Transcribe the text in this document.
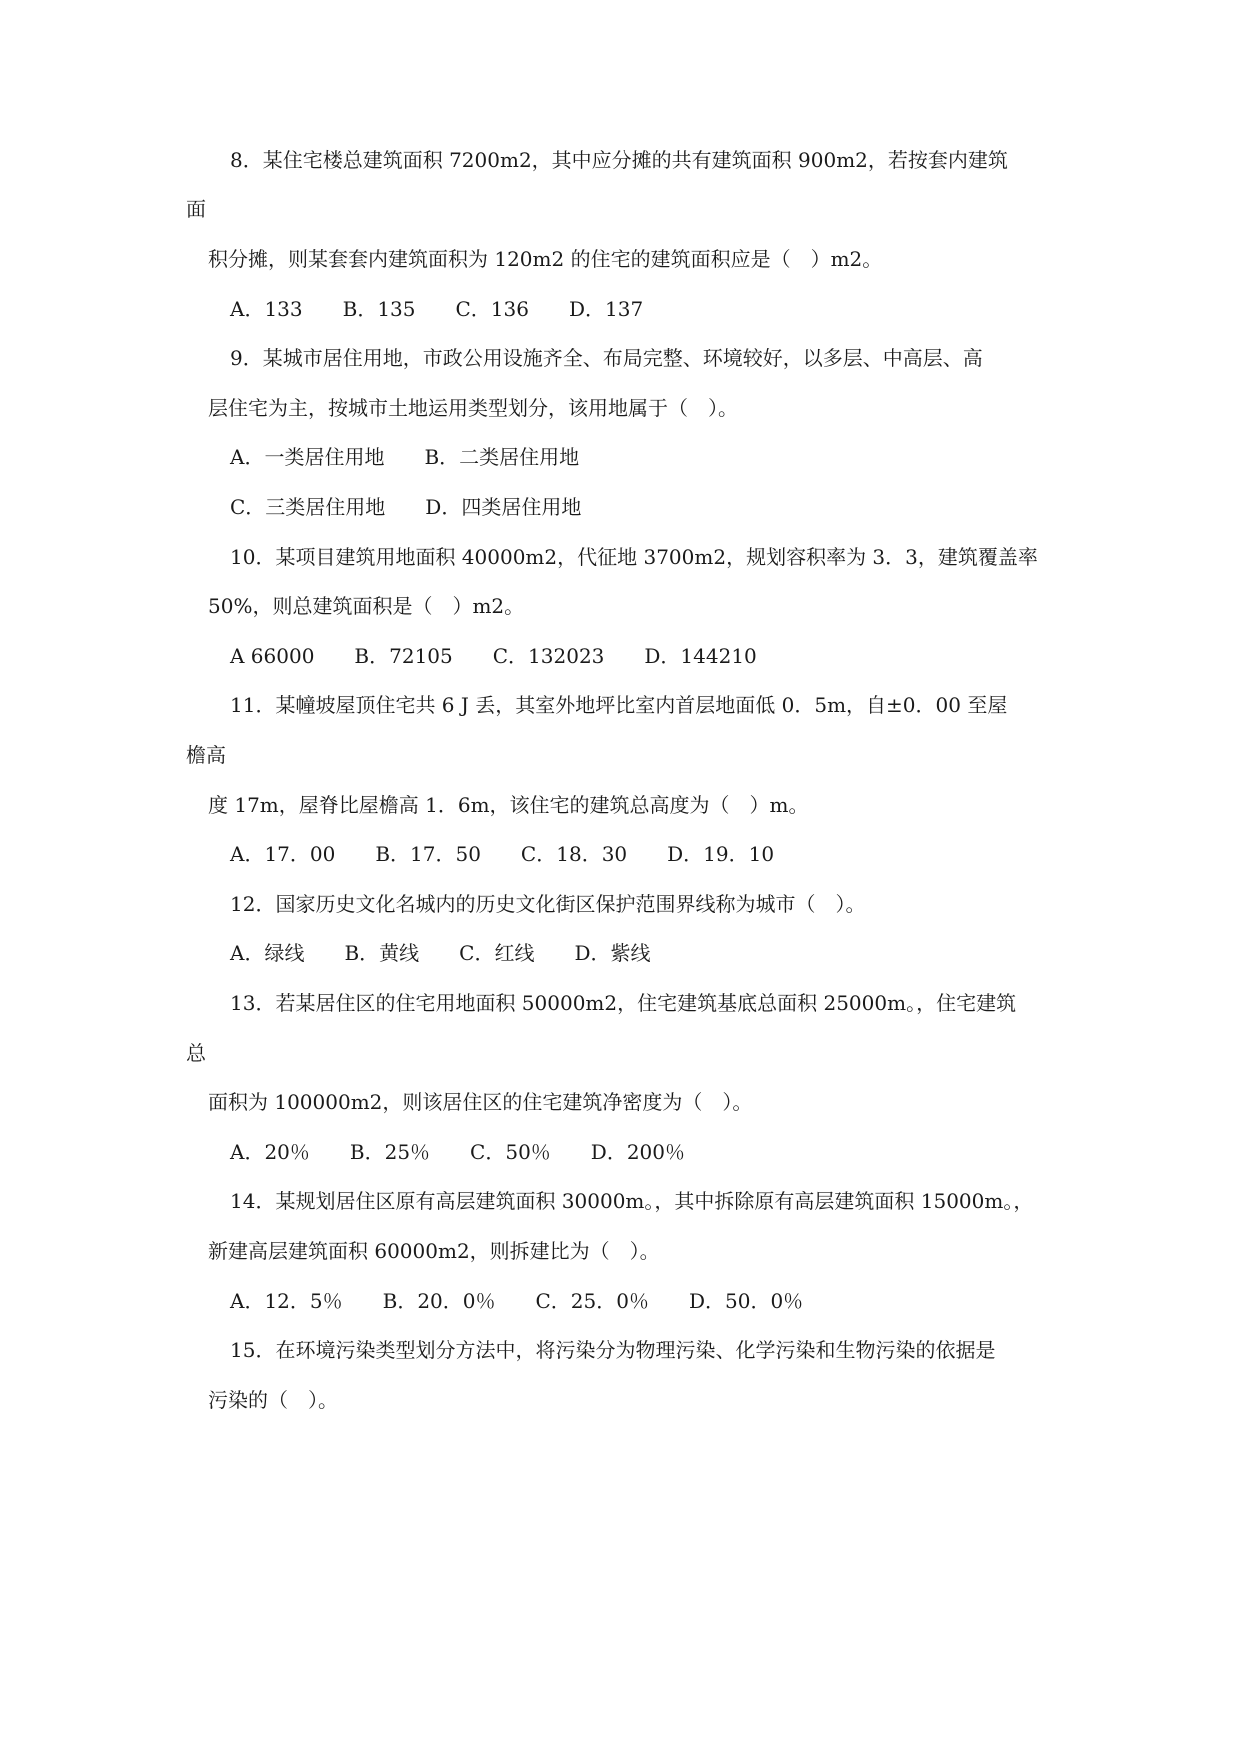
8．某住宅楼总建筑面积 7200m2，其中应分摊的共有建筑面积 900m2，若按套内建筑

面

积分摊，则某套套内建筑面积为 120m2 的住宅的建筑面积应是（　）m2。

A．133　　B．135　　C．136　　D．137

9．某城市居住用地，市政公用设施齐全、布局完整、环境较好，以多层、中高层、高

层住宅为主，按城市土地运用类型划分，该用地属于（　）。

A．一类居住用地　　B．二类居住用地

C．三类居住用地　　D．四类居住用地

10．某项目建筑用地面积 40000m2，代征地 3700m2，规划容积率为 3．3，建筑覆盖率

50%，则总建筑面积是（　）m2。

A 66000　　B．72105　　C．132023　　D．144210

11．某幢坡屋顶住宅共 6 J 丢，其室外地坪比室内首层地面低 0．5m，自±0．00 至屋

檐高

度 17m，屋脊比屋檐高 1．6m，该住宅的建筑总高度为（　）m。

A．17．00　　B．17．50　　C．18．30　　D．19．10

12．国家历史文化名城内的历史文化街区保护范围界线称为城市（　）。

A．绿线　　B．黄线　　C．红线　　D．紫线

13．若某居住区的住宅用地面积 50000m2，住宅建筑基底总面积 25000m。，住宅建筑

总

面积为 100000m2，则该居住区的住宅建筑净密度为（　）。

A．20％　　B．25％　　C．50％　　D．200％

14．某规划居住区原有高层建筑面积 30000m。，其中拆除原有高层建筑面积 15000m。，

新建高层建筑面积 60000m2，则拆建比为（　）。

A．12．5％　　B．20．0％　　C．25．0％　　D．50．0％

15．在环境污染类型划分方法中，将污染分为物理污染、化学污染和生物污染的依据是

污染的（　）。
